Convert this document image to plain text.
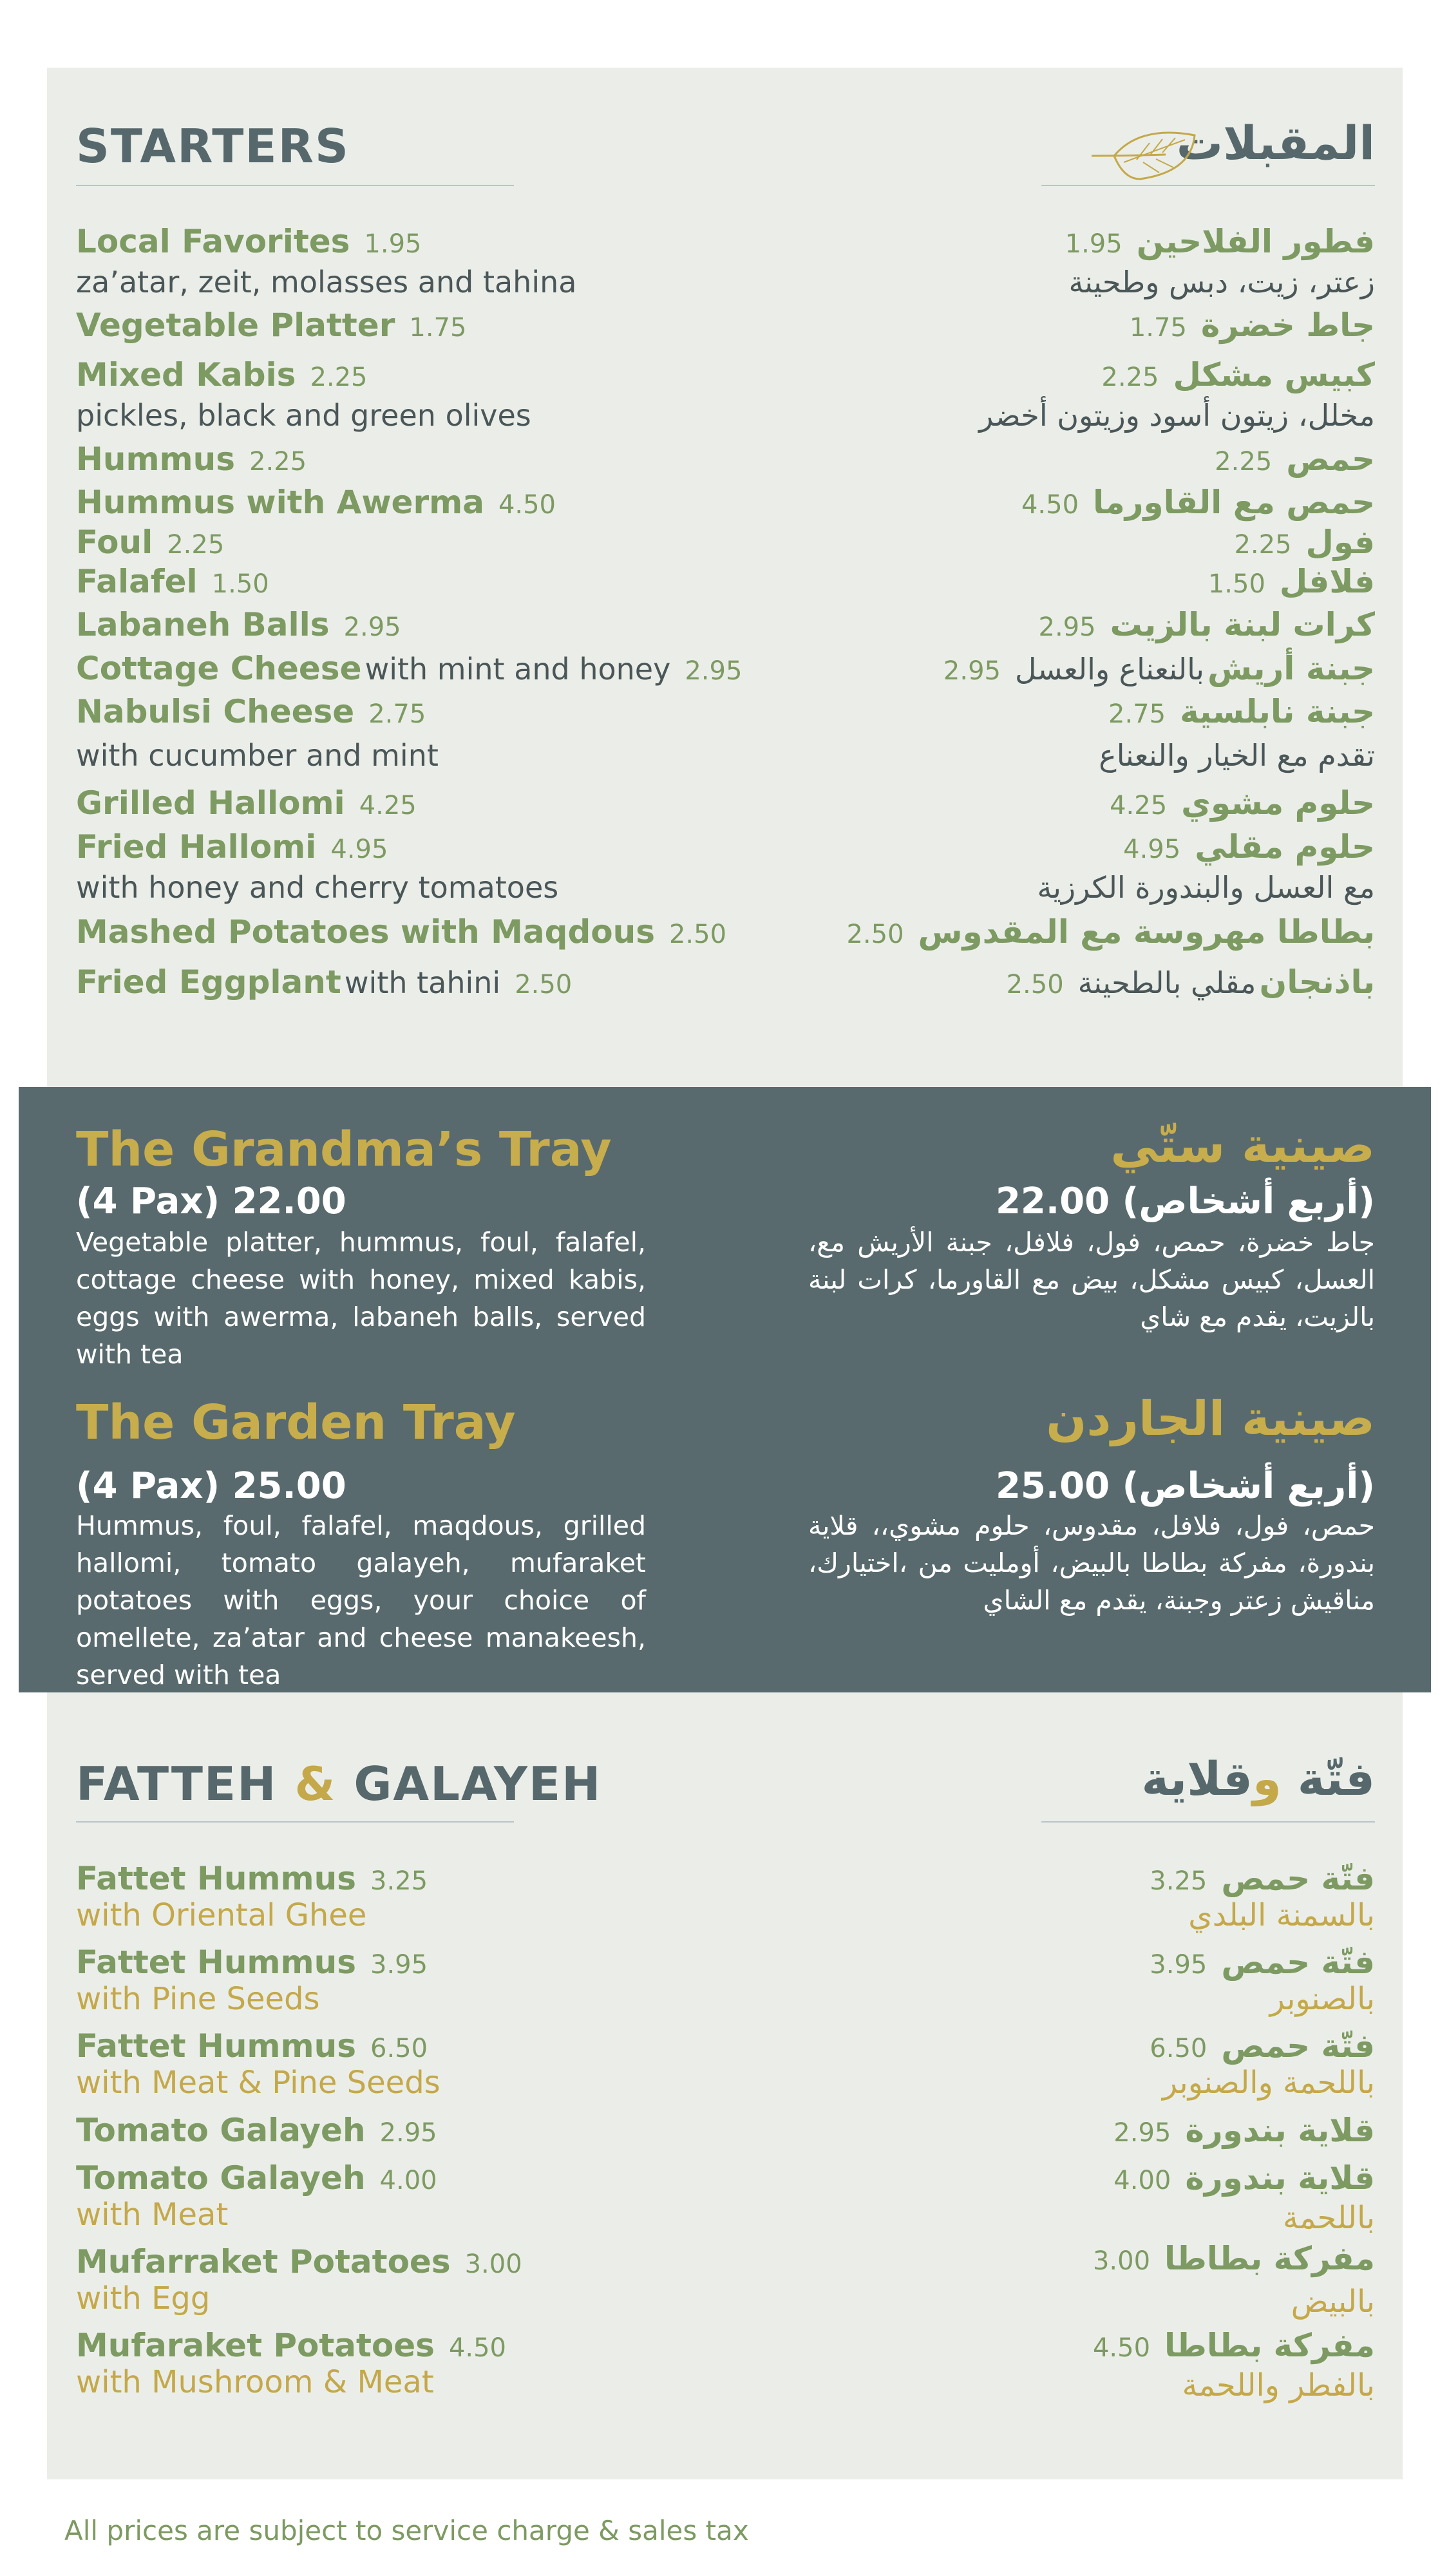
STARTERS	المقبلات
Local Favorites 1.95	فطور الفلاحين1.95
za’atar, zeit, molasses and tahina	زعتر، زيت، دبس وطحينة
Vegetable Platter 1.75	جاط خضرة1.75
Mixed Kabis 2.25	كبيس مشكل2.25
pickles, black and green olives	مخلل، زيتون أسود وزيتون أخضر
Hummus 2.25	حمص2.25
Hummus with Awerma 4.50	حمص مع القاورما4.50
Foul 2.25	فول2.25
Falafel 1.50	فلافل1.50
Labaneh Balls 2.95	كرات لبنة بالزيت2.95
Cottage Cheese with mint and honey 2.95	جبنة أريش بالنعناع والعسل2.95
Nabulsi Cheese 2.75	جبنة نابلسية2.75
with cucumber and mint	تقدم مع الخيار والنعناع
Grilled Hallomi 4.25	حلوم مشوي4.25
Fried Hallomi 4.95	حلوم مقلي4.95
with honey and cherry tomatoes	مع العسل والبندورة الكرزية
Mashed Potatoes with Maqdous 2.50	بطاطا مهروسة مع المقدوس2.50
Fried Eggplant with tahini 2.50	باذنجان مقلي بالطحينة2.50
The Grandma’s Tray	صينية ستّي
(4 Pax) 22.00	(أربع أشخاص) 22.00
Vegetable platter, hummus, foul, falafel, cottage cheese with honey, mixed kabis, eggs with awerma, labaneh balls, served with tea
جاط خضرة، حمص، فول، فلافل، جبنة الأريش مع، العسل، كبيس مشكل، بيض مع القاورما، كرات لبنة بالزيت، يقدم مع شاي
The Garden Tray	صينية الجاردن
(4 Pax) 25.00	(أربع أشخاص) 25.00
Hummus, foul, falafel, maqdous, grilled hallomi, tomato galayeh, mufaraket potatoes with eggs, your choice of omellete, za’atar and cheese manakeesh, served with tea
حمص، فول، فلافل، مقدوس، حلوم مشوي،، قلاية بندورة، مفركة بطاطا بالبيض، أومليت من ،اختيارك، مناقيش زعتر وجبنة، يقدم مع الشاي
FATTEH & GALAYEH	فتّة وقلاية
Fattet Hummus 3.25	فتّة حمص3.25
with Oriental Ghee	بالسمنة البلدي
Fattet Hummus 3.95	فتّة حمص3.95
with Pine Seeds	بالصنوبر
Fattet Hummus 6.50	فتّة حمص6.50
with Meat & Pine Seeds	باللحمة والصنوبر
Tomato Galayeh 2.95	قلاية بندورة2.95
Tomato Galayeh 4.00	قلاية بندورة4.00
with Meat	باللحمة
Mufarraket Potatoes 3.00	مفركة بطاطا3.00
with Egg	بالبيض
Mufaraket Potatoes 4.50	مفركة بطاطا4.50
with Mushroom & Meat	بالفطر واللحمة
All prices are subject to service charge & sales tax
